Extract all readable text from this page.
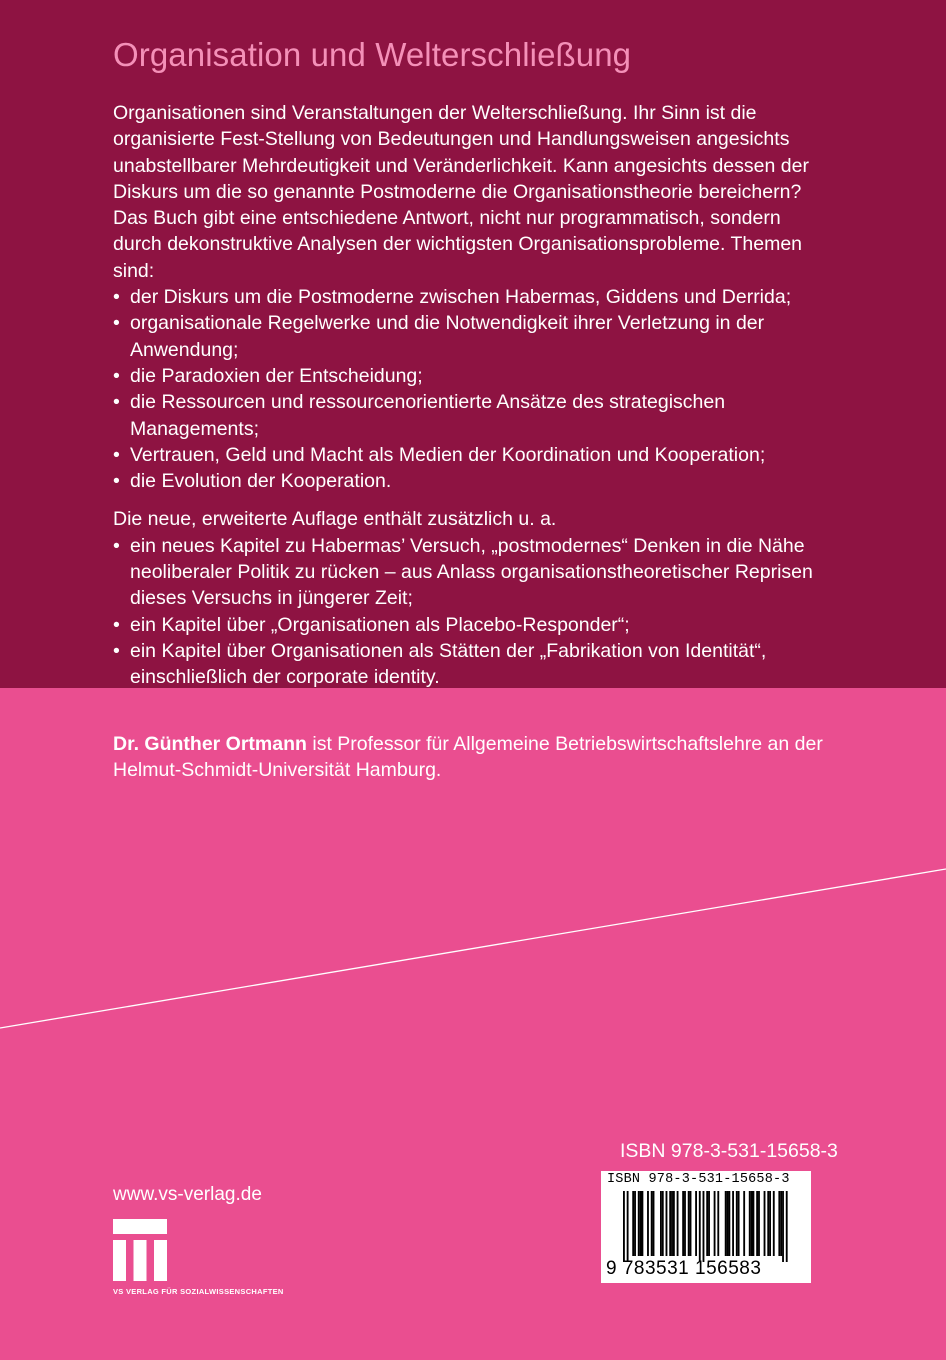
Organisation und Welterschließung

Organisationen sind Veranstaltungen der Welterschließung. Ihr Sinn ist die organisierte Fest-Stellung von Bedeutungen und Handlungsweisen angesichts unabstellbarer Mehrdeutigkeit und Veränderlichkeit. Kann angesichts dessen der Diskurs um die so genannte Postmoderne die Organisationstheorie bereichern? Das Buch gibt eine entschiedene Antwort, nicht nur programmatisch, sondern durch dekonstruktive Analysen der wichtigsten Organisationsprobleme. Themen sind:

• der Diskurs um die Postmoderne zwischen Habermas, Giddens und Derrida;
• organisationale Regelwerke und die Notwendigkeit ihrer Verletzung in der Anwendung;
• die Paradoxien der Entscheidung;
• die Ressourcen und ressourcenorientierte Ansätze des strategischen Managements;
• Vertrauen, Geld und Macht als Medien der Koordination und Kooperation;
• die Evolution der Kooperation.

Die neue, erweiterte Auflage enthält zusätzlich u. a.

• ein neues Kapitel zu Habermas’ Versuch, „postmodernes“ Denken in die Nähe neoliberaler Politik zu rücken – aus Anlass organisationstheoretischer Reprisen dieses Versuchs in jüngerer Zeit;
• ein Kapitel über „Organisationen als Placebo-Responder“;
• ein Kapitel über Organisationen als Stätten der „Fabrikation von Identität“, einschließlich der corporate identity.
Dr. Günther Ortmann ist Professor für Allgemeine Betriebswirtschaftslehre an der Helmut-Schmidt-Universität Hamburg.
ISBN 978-3-531-15658-3
ISBN 978-3-531-15658-3
9 783531 156583
www.vs-verlag.de
VS VERLAG FÜR SOZIALWISSENSCHAFTEN
